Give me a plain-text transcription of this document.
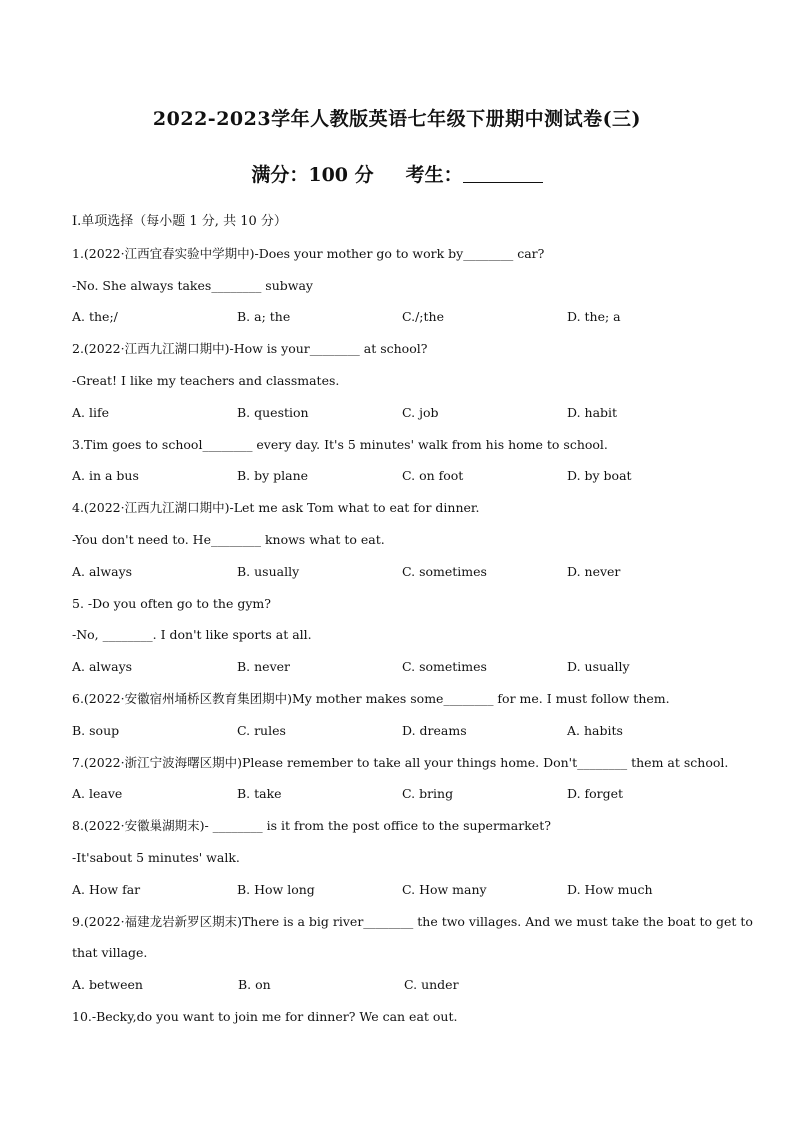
2022-2023学年人教版英语七年级下册期中测试卷(三)
满分：100 分 考生：
I.单项选择（每小题 1 分, 共 10 分）
1.(2022·江西宜春实验中学期中)-Does your mother go to work by________ car?
-No. She always takes________ subway
A. the;/	B. a; the	C./;the	D. the; a
2.(2022·江西九江湖口期中)-How is your________ at school?
-Great! I like my teachers and classmates.
A. life	B. question	C. job	D. habit
3.Tim goes to school________ every day. It's 5 minutes' walk from his home to school.
A. in a bus	B. by plane	C. on foot	D. by boat
4.(2022·江西九江湖口期中)-Let me ask Tom what to eat for dinner.
-You don't need to. He________ knows what to eat.
A. always	B. usually	C. sometimes	D. never
5. -Do you often go to the gym?
-No, ________. I don't like sports at all.
A. always	B. never	C. sometimes	D. usually
6.(2022·安徽宿州埇桥区教育集团期中)My mother makes some________ for me. I must follow them.
B. soup	C. rules	D. dreams	A. habits
7.(2022·浙江宁波海曙区期中)Please remember to take all your things home. Don't________ them at school.
A. leave	B. take	C. bring	D. forget
8.(2022·安徽巢湖期末)- ________ is it from the post office to the supermarket?
-It'sabout 5 minutes' walk.
A. How far	B. How long	C. How many	D. How much
9.(2022·福建龙岩新罗区期末)There is a big river________ the two villages. And we must take the boat to get to
that village.
A. between	B. on	C. under
10.-Becky,do you want to join me for dinner? We can eat out.
